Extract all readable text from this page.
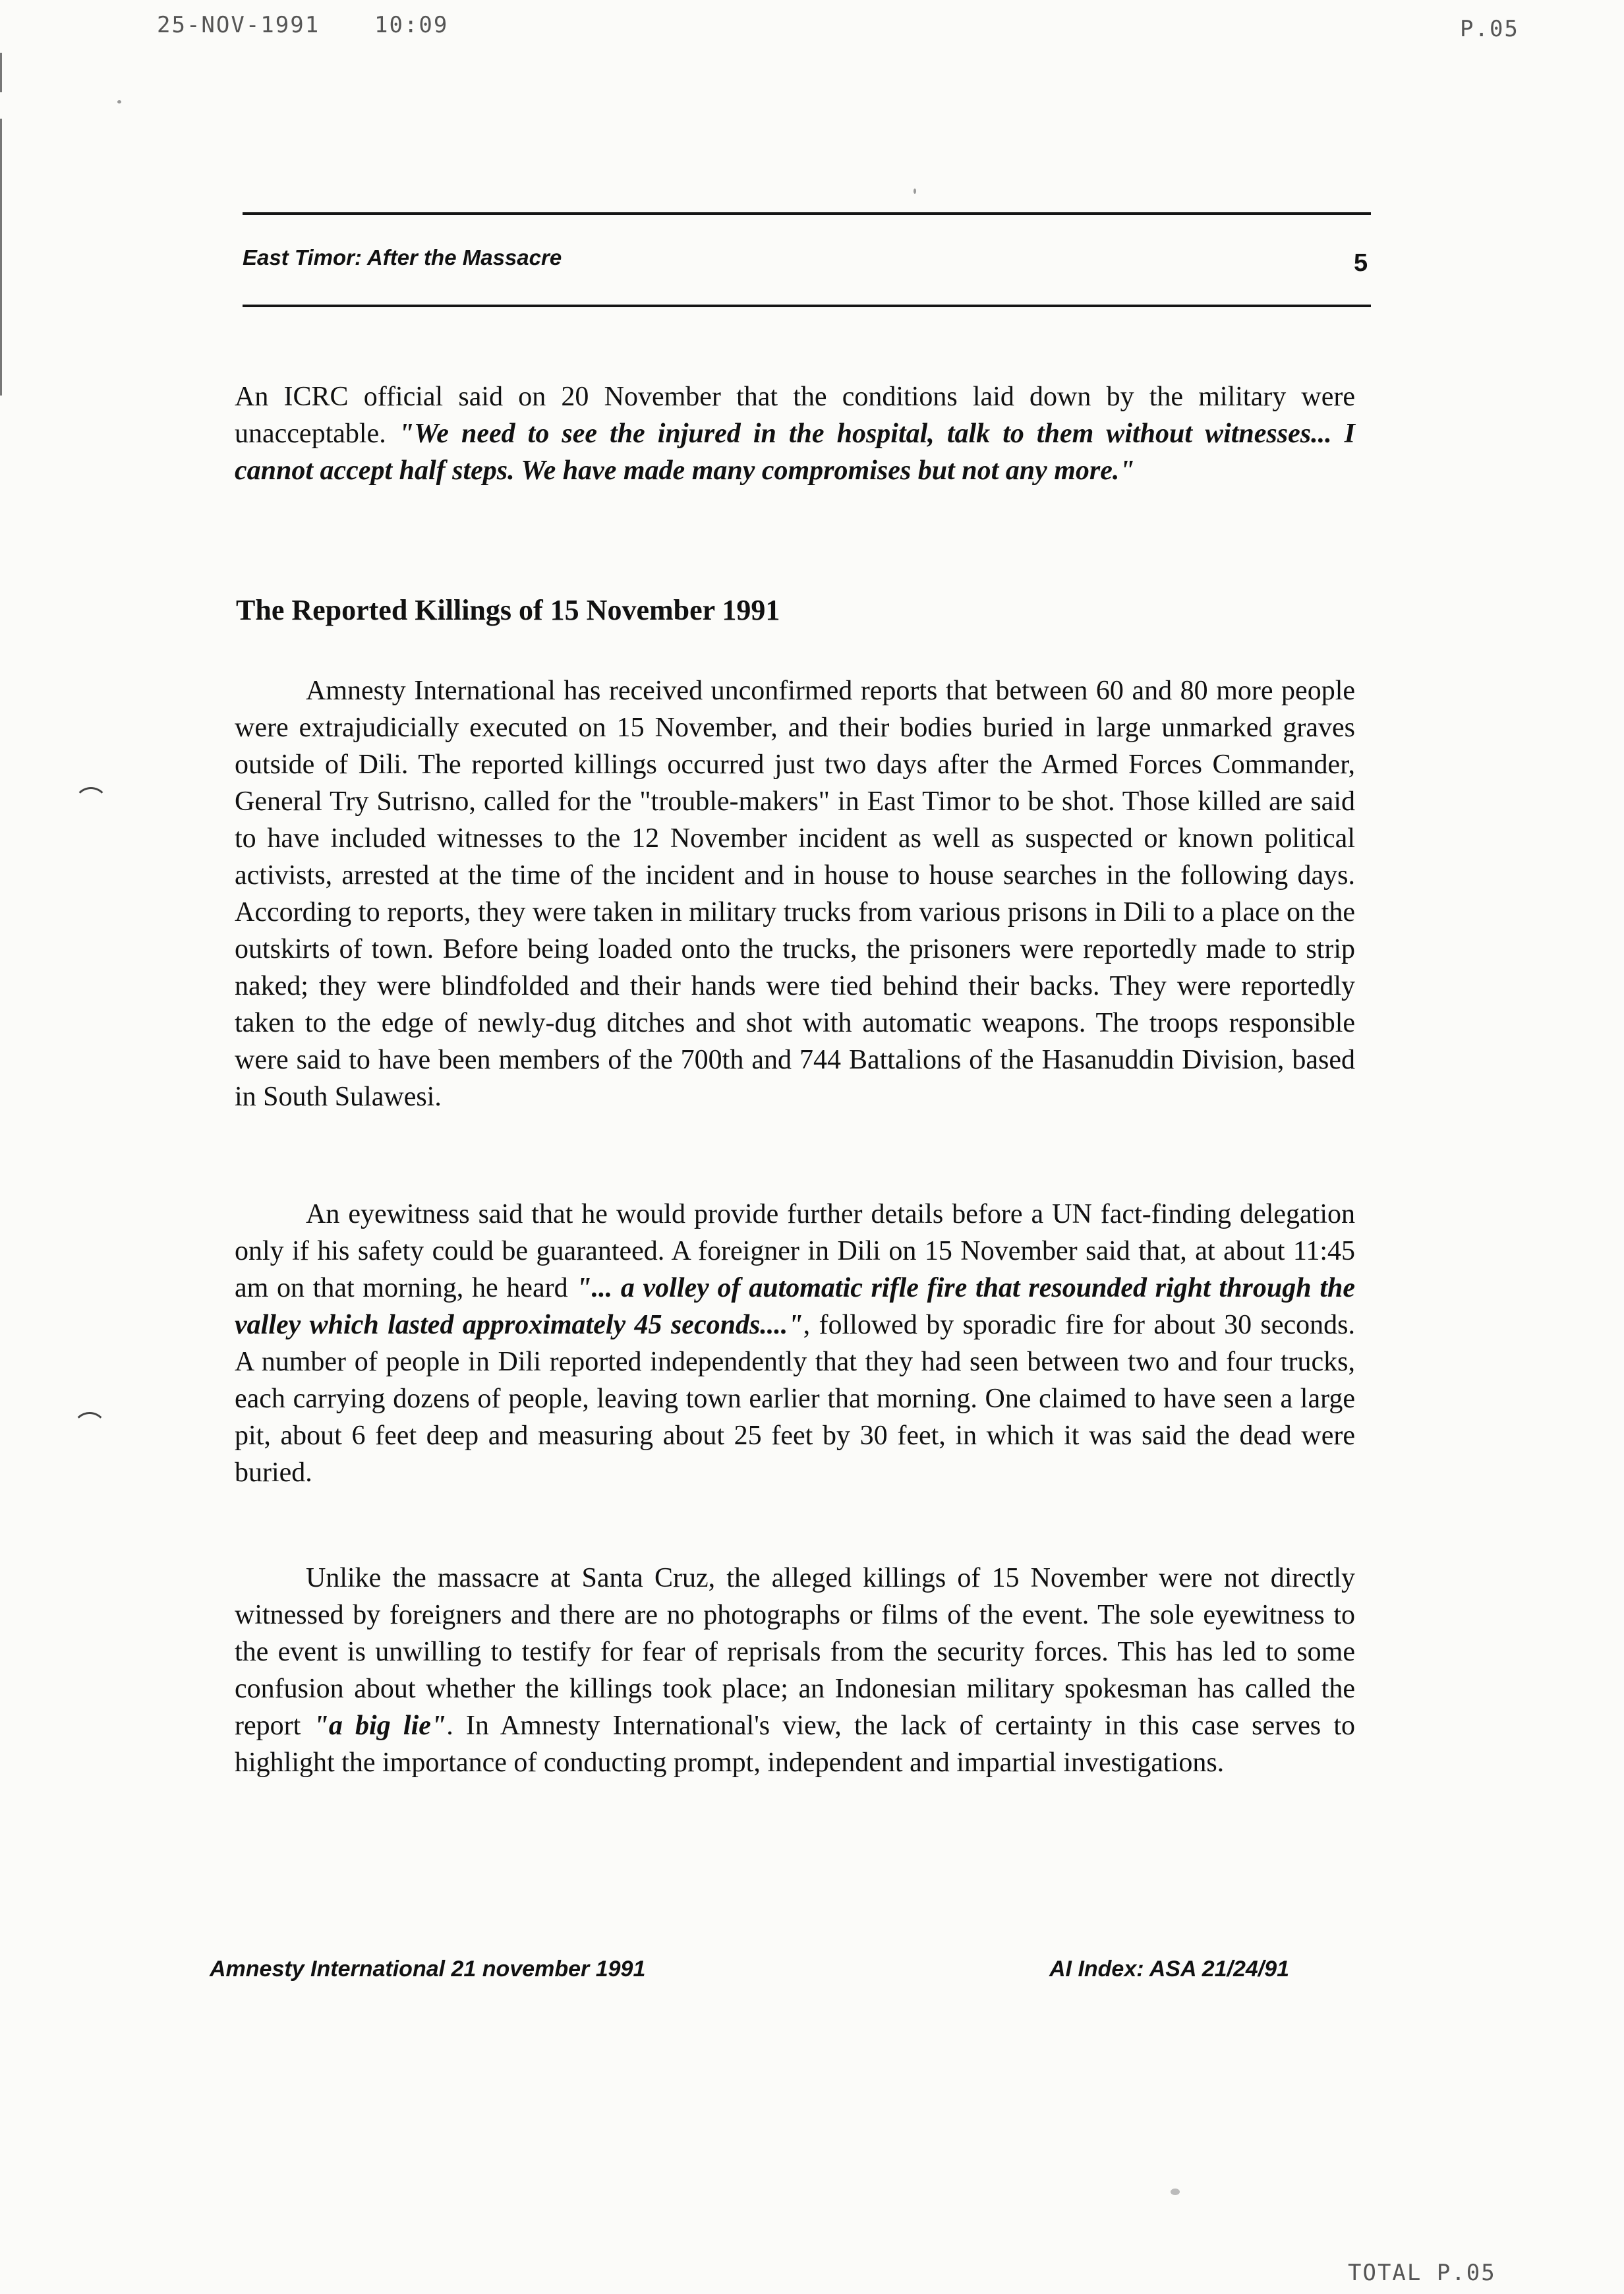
25-NOV-1991 10:09	P.05
East Timor: After the Massacre	5

An ICRC official said on 20 November that the conditions laid down by the military were unacceptable. "We need to see the injured in the hospital, talk to them without witnesses... I cannot accept half steps. We have made many compromises but not any more."

The Reported Killings of 15 November 1991

Amnesty International has received unconfirmed reports that between 60 and 80 more people were extrajudicially executed on 15 November, and their bodies buried in large unmarked graves outside of Dili. The reported killings occurred just two days after the Armed Forces Commander, General Try Sutrisno, called for the "trouble-makers" in East Timor to be shot. Those killed are said to have included witnesses to the 12 November incident as well as suspected or known political activists, arrested at the time of the incident and in house to house searches in the following days. According to reports, they were taken in military trucks from various prisons in Dili to a place on the outskirts of town. Before being loaded onto the trucks, the prisoners were reportedly made to strip naked; they were blindfolded and their hands were tied behind their backs. They were reportedly taken to the edge of newly-dug ditches and shot with automatic weapons. The troops responsible were said to have been members of the 700th and 744 Battalions of the Hasanuddin Division, based in South Sulawesi.

An eyewitness said that he would provide further details before a UN fact-finding delegation only if his safety could be guaranteed. A foreigner in Dili on 15 November said that, at about 11:45 am on that morning, he heard "... a volley of automatic rifle fire that resounded right through the valley which lasted approximately 45 seconds....", followed by sporadic fire for about 30 seconds. A number of people in Dili reported independently that they had seen between two and four trucks, each carrying dozens of people, leaving town earlier that morning. One claimed to have seen a large pit, about 6 feet deep and measuring about 25 feet by 30 feet, in which it was said the dead were buried.

Unlike the massacre at Santa Cruz, the alleged killings of 15 November were not directly witnessed by foreigners and there are no photographs or films of the event. The sole eyewitness to the event is unwilling to testify for fear of reprisals from the security forces. This has led to some confusion about whether the killings took place; an Indonesian military spokesman has called the report "a big lie". In Amnesty International's view, the lack of certainty in this case serves to highlight the importance of conducting prompt, independent and impartial investigations.

Amnesty International 21 november 1991	AI Index: ASA 21/24/91
TOTAL P.05
